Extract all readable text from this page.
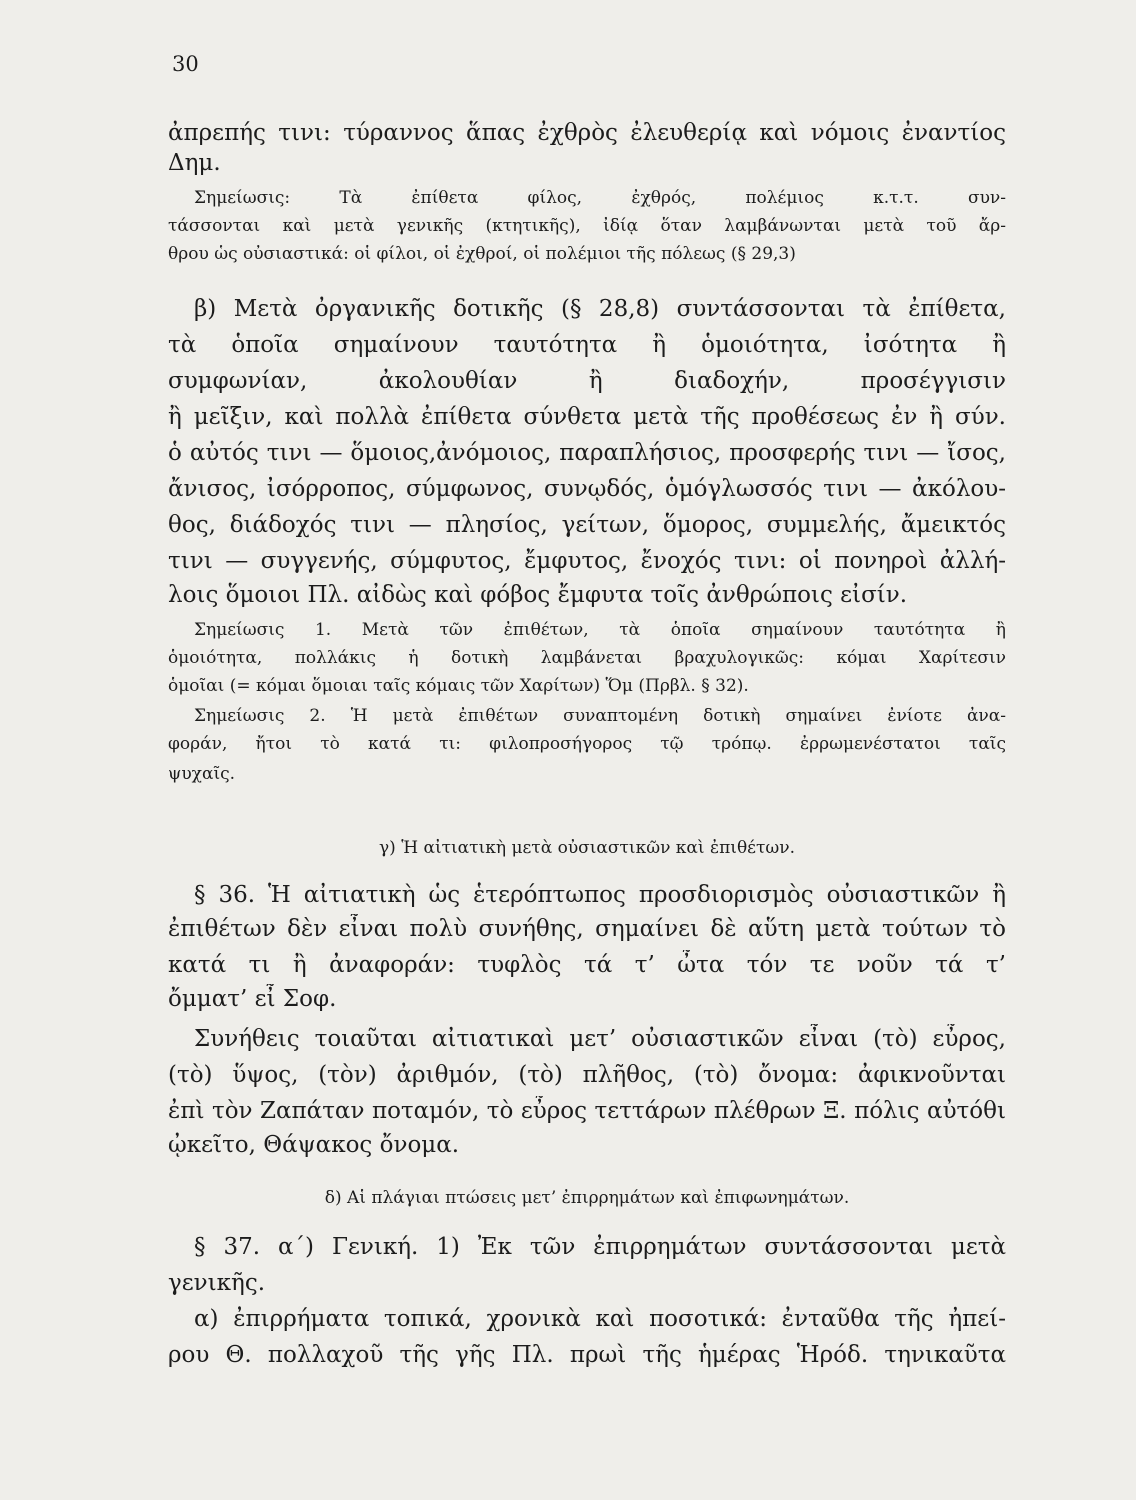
30
ἀπρεπής τινι: τύραννος ἅπας ἐχθρὸς ἐλευθερίᾳ καὶ νόμοις ἐναντίος
Δημ.
Σημείωσις: Τὰ ἐπίθετα φίλος, ἐχθρός, πολέμιος κ.τ.τ. συν-
τάσσονται καὶ μετὰ γενικῆς (κτητικῆς), ἰδίᾳ ὅταν λαμβάνωνται μετὰ τοῦ ἄρ-
θρου ὡς οὐσιαστικά: οἱ φίλοι, οἱ ἐχθροί, οἱ πολέμιοι τῆς πόλεως (§ 29,3)
β) Μετὰ ὀργανικῆς δοτικῆς (§ 28,8) συντάσσονται τὰ ἐπίθετα,
τὰ ὁποῖα σημαίνουν ταυτότητα ἢ ὁμοιότητα, ἰσότητα ἢ
συμφωνίαν, ἀκολουθίαν ἢ διαδοχήν, προσέγγισιν
ἢ μεῖξιν, καὶ πολλὰ ἐπίθετα σύνθετα μετὰ τῆς προθέσεως ἐν ἢ σύν.
ὁ αὐτός τινι — ὅμοιος,ἀνόμοιος, παραπλήσιος, προσφερής τινι — ἴσος,
ἄνισος, ἰσόρροπος, σύμφωνος, συνῳδός, ὁμόγλωσσός τινι — ἀκόλου-
θος, διάδοχός τινι — πλησίος, γείτων, ὅμορος, συμμελής, ἄμεικτός
τινι — συγγενής, σύμφυτος, ἔμφυτος, ἔνοχός τινι: οἱ πονηροὶ ἀλλή-
λοις ὅμοιοι Πλ. αἰδὼς καὶ φόβος ἔμφυτα τοῖς ἀνθρώποις εἰσίν.
Σημείωσις 1. Μετὰ τῶν ἐπιθέτων, τὰ ὁποῖα σημαίνουν ταυτότητα ἢ
ὁμοιότητα, πολλάκις ἡ δοτικὴ λαμβάνεται βραχυλογικῶς: κόμαι Χαρίτεσιν
ὁμοῖαι (= κόμαι ὅμοιαι ταῖς κόμαις τῶν Χαρίτων) Ὅμ (Πρβλ. § 32).
Σημείωσις 2. Ἡ μετὰ ἐπιθέτων συναπτομένη δοτικὴ σημαίνει ἐνίοτε ἀνα-
φοράν, ἤτοι τὸ κατά τι: φιλοπροσήγορος τῷ τρόπῳ. ἐρρωμενέστατοι ταῖς
ψυχαῖς.
γ) Ἡ αἰτιατικὴ μετὰ οὐσιαστικῶν καὶ ἐπιθέτων.
§ 36. Ἡ αἰτιατικὴ ὡς ἑτερόπτωπος προσδιορισμὸς οὐσιαστικῶν ἢ
ἐπιθέτων δὲν εἶναι πολὺ συνήθης, σημαίνει δὲ αὕτη μετὰ τούτων τὸ
κατά τι ἢ ἀναφοράν: τυφλὸς τά τ’ ὦτα τόν τε νοῦν τά τ’
ὄμματ’ εἶ Σοφ.
Συνήθεις τοιαῦται αἰτιατικαὶ μετ’ οὐσιαστικῶν εἶναι (τὸ) εὖρος,
(τὸ) ὕψος, (τὸν) ἀριθμόν, (τὸ) πλῆθος, (τὸ) ὄνομα: ἀφικνοῦνται
ἐπὶ τὸν Ζαπάταν ποταμόν, τὸ εὖρος τεττάρων πλέθρων Ξ. πόλις αὐτόθι
ᾠκεῖτο, Θάψακος ὄνομα.
δ) Αἱ πλάγιαι πτώσεις μετ’ ἐπιρρημάτων καὶ ἐπιφωνημάτων.
§ 37. α΄) Γενική. 1) Ἐκ τῶν ἐπιρρημάτων συντάσσονται μετὰ
γενικῆς.
α) ἐπιρρήματα τοπικά, χρονικὰ καὶ ποσοτικά: ἐνταῦθα τῆς ἠπεί-
ρου Θ. πολλαχοῦ τῆς γῆς Πλ. πρωὶ τῆς ἡμέρας Ἡρόδ. τηνικαῦτα
